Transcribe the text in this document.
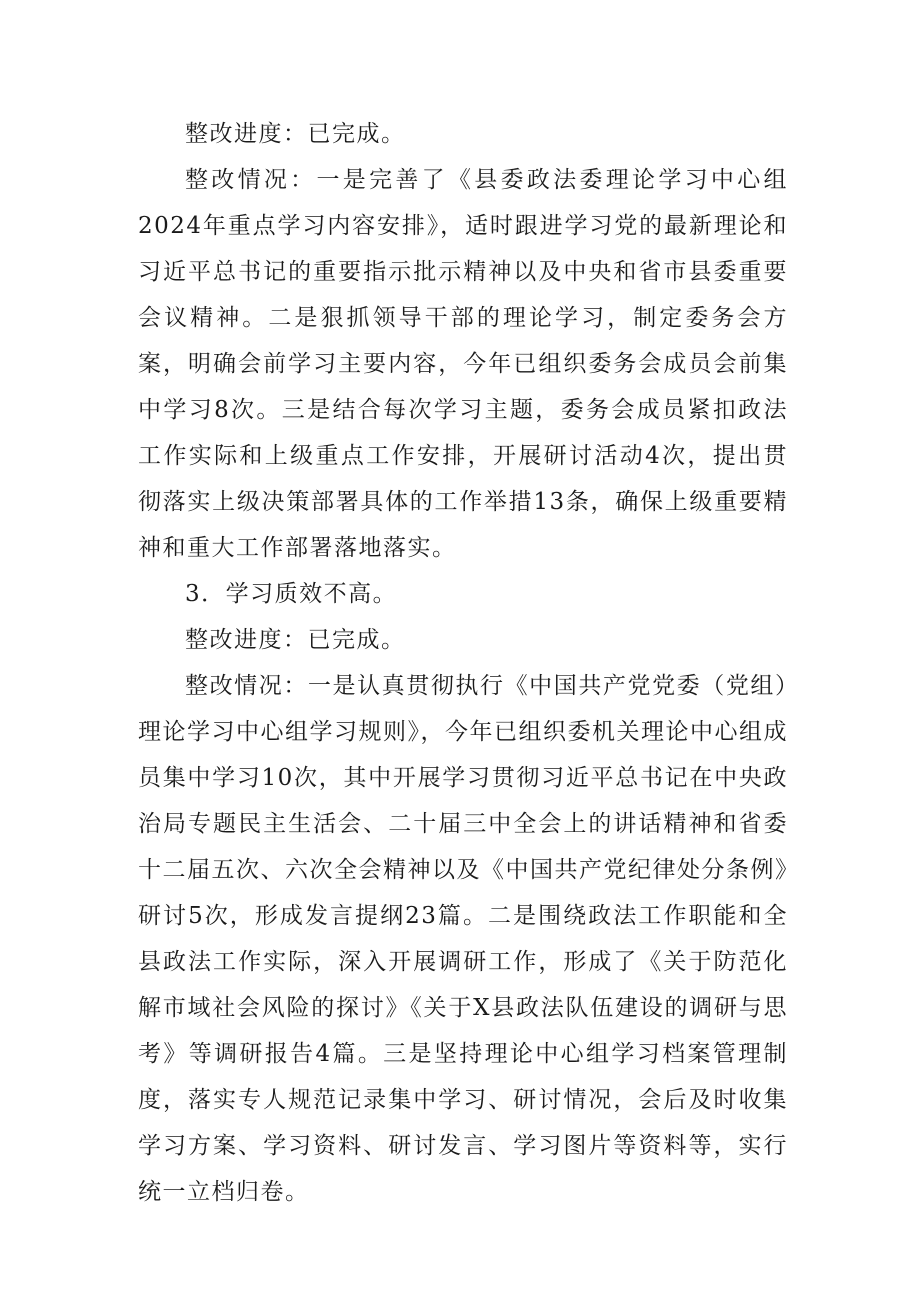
整改进度：已完成。

整改情况：一是完善了《县委政法委理论学习中心组2024年重点学习内容安排》，适时跟进学习党的最新理论和习近平总书记的重要指示批示精神以及中央和省市县委重要会议精神。二是狠抓领导干部的理论学习，制定委务会方案，明确会前学习主要内容，今年已组织委务会成员会前集中学习8次。三是结合每次学习主题，委务会成员紧扣政法工作实际和上级重点工作安排，开展研讨活动4次，提出贯彻落实上级决策部署具体的工作举措13条，确保上级重要精神和重大工作部署落地落实。

3．学习质效不高。

整改进度：已完成。

整改情况：一是认真贯彻执行《中国共产党党委（党组）理论学习中心组学习规则》，今年已组织委机关理论中心组成员集中学习10次，其中开展学习贯彻习近平总书记在中央政治局专题民主生活会、二十届三中全会上的讲话精神和省委十二届五次、六次全会精神以及《中国共产党纪律处分条例》研讨5次，形成发言提纲23篇。二是围绕政法工作职能和全县政法工作实际，深入开展调研工作，形成了《关于防范化解市域社会风险的探讨》《关于X县政法队伍建设的调研与思考》等调研报告4篇。三是坚持理论中心组学习档案管理制度，落实专人规范记录集中学习、研讨情况，会后及时收集学习方案、学习资料、研讨发言、学习图片等资料等，实行统一立档归卷。
